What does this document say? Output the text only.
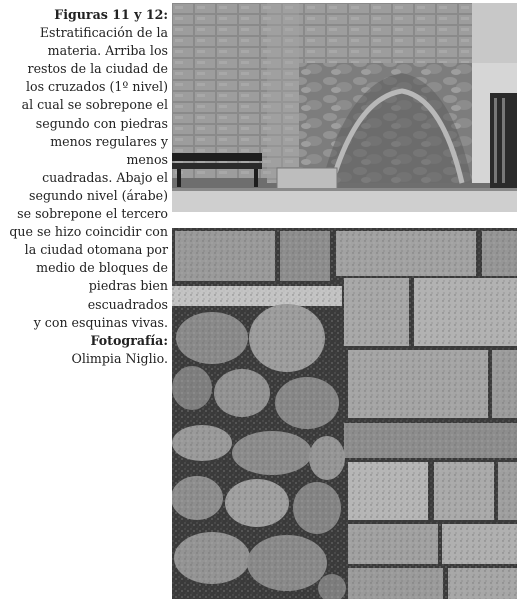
Figuras 11 y 12: Estratificación de la
materia. Arriba los
restos de la ciudad de
los cruzados (1º nivel)
al cual se sobrepone el
segundo con piedras
menos regulares y menos
cuadradas. Abajo el
segundo nivel (árabe)
se sobrepone el tercero
que se hizo coincidir con
la ciudad otomana por
medio de bloques de
piedras bien escuadrados
y con esquinas vivas.
Fotografía:
Olimpia Niglio.
